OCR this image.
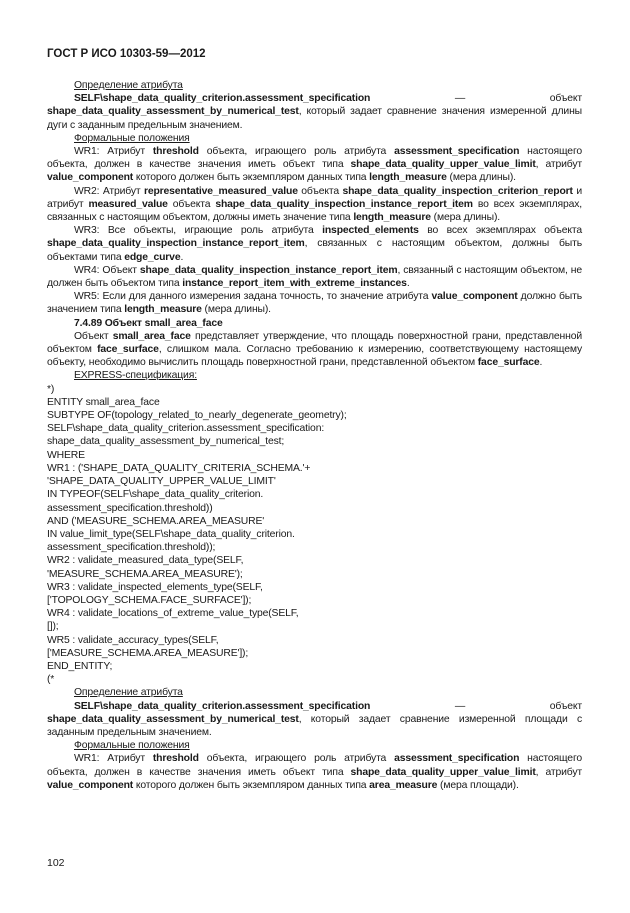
ГОСТ Р ИСО 10303-59—2012
Определение атрибута
SELF\shape_data_quality_criterion.assessment_specification — объект shape_data_quality_assessment_by_numerical_test, который задает сравнение значения измеренной длины дуги с заданным предельным значением.
Формальные положения
WR1: Атрибут threshold объекта, играющего роль атрибута assessment_specification настоящего объекта, должен в качестве значения иметь объект типа shape_data_quality_upper_value_limit, атрибут value_component которого должен быть экземпляром данных типа length_measure (мера длины).
WR2: Атрибут representative_measured_value объекта shape_data_quality_inspection_criterion_report и атрибут measured_value объекта shape_data_quality_inspection_instance_report_item во всех экземплярах, связанных с настоящим объектом, должны иметь значение типа length_measure (мера длины).
WR3: Все объекты, играющие роль атрибута inspected_elements во всех экземплярах объекта shape_data_quality_inspection_instance_report_item, связанных с настоящим объектом, должны быть объектами типа edge_curve.
WR4: Объект shape_data_quality_inspection_instance_report_item, связанный с настоящим объектом, не должен быть объектом типа instance_report_item_with_extreme_instances.
WR5: Если для данного измерения задана точность, то значение атрибута value_component должно быть значением типа length_measure (мера длины).
7.4.89 Объект small_area_face
Объект small_area_face представляет утверждение, что площадь поверхностной грани, представленной объектом face_surface, слишком мала. Согласно требованию к измерению, соответствующему настоящему объекту, необходимо вычислить площадь поверхностной грани, представленной объектом face_surface.
EXPRESS-спецификация:
*)
ENTITY small_area_face
SUBTYPE OF(topology_related_to_nearly_degenerate_geometry);
SELF\shape_data_quality_criterion.assessment_specification:
shape_data_quality_assessment_by_numerical_test;
WHERE
WR1 : ('SHAPE_DATA_QUALITY_CRITERIA_SCHEMA.'+
'SHAPE_DATA_QUALITY_UPPER_VALUE_LIMIT'
IN TYPEOF(SELF\shape_data_quality_criterion.
assessment_specification.threshold))
AND ('MEASURE_SCHEMA.AREA_MEASURE'
IN value_limit_type(SELF\shape_data_quality_criterion.
assessment_specification.threshold));
WR2 : validate_measured_data_type(SELF,
'MEASURE_SCHEMA.AREA_MEASURE');
WR3 : validate_inspected_elements_type(SELF,
['TOPOLOGY_SCHEMA.FACE_SURFACE']);
WR4 : validate_locations_of_extreme_value_type(SELF,
[]);
WR5 : validate_accuracy_types(SELF,
['MEASURE_SCHEMA.AREA_MEASURE']);
END_ENTITY;
(*
Определение атрибута
SELF\shape_data_quality_criterion.assessment_specification — объект shape_data_quality_assessment_by_numerical_test, который задает сравнение измеренной площади с заданным предельным значением.
Формальные положения
WR1: Атрибут threshold объекта, играющего роль атрибута assessment_specification настоящего объекта, должен в качестве значения иметь объект типа shape_data_quality_upper_value_limit, атрибут value_component которого должен быть экземпляром данных типа area_measure (мера площади).
102
